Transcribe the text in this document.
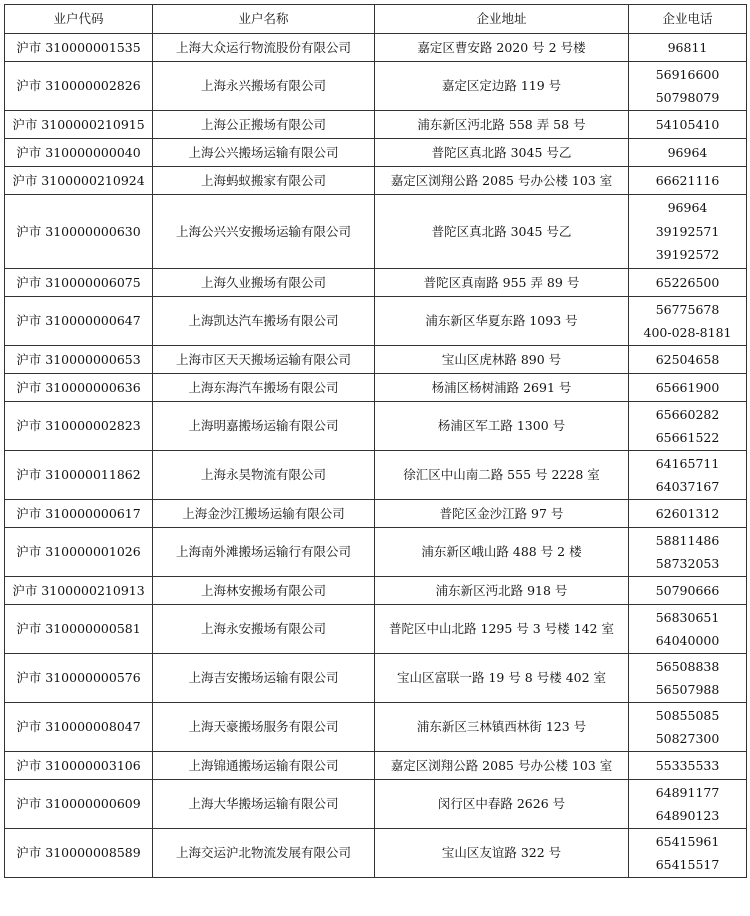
业户代码	业户名称	企业地址	企业电话
沪市 310000001535	上海大众运行物流股份有限公司	嘉定区曹安路 2020 号 2 号楼	96811

沪市 310000002826	上海永兴搬场有限公司	嘉定区定边路 119 号	56916600
50798079

沪市 3100000210915	上海公正搬场有限公司	浦东新区沔北路 558 弄 58 号	54105410

沪市 310000000040	上海公兴搬场运输有限公司	普陀区真北路 3045 号乙	96964

沪市 3100000210924	上海蚂蚁搬家有限公司	嘉定区浏翔公路 2085 号办公楼 103 室	66621116

沪市 310000000630	上海公兴兴安搬场运输有限公司	普陀区真北路 3045 号乙	96964
39192571
39192572

沪市 310000006075	上海久业搬场有限公司	普陀区真南路 955 弄 89 号	65226500

沪市 310000000647	上海凯达汽车搬场有限公司	浦东新区华夏东路 1093 号	56775678
400-028-8181

沪市 310000000653	上海市区天天搬场运输有限公司	宝山区虎林路 890 号	62504658

沪市 310000000636	上海东海汽车搬场有限公司	杨浦区杨树浦路 2691 号	65661900

沪市 310000002823	上海明嘉搬场运输有限公司	杨浦区军工路 1300 号	65660282
65661522

沪市 310000011862	上海永昊物流有限公司	徐汇区中山南二路 555 号 2228 室	64165711
64037167

沪市 310000000617	上海金沙江搬场运输有限公司	普陀区金沙江路 97 号	62601312

沪市 310000001026	上海南外滩搬场运输行有限公司	浦东新区峨山路 488 号 2 楼	58811486
58732053

沪市 3100000210913	上海林安搬场有限公司	浦东新区沔北路 918 号	50790666

沪市 310000000581	上海永安搬场有限公司	普陀区中山北路 1295 号 3 号楼 142 室	56830651
64040000

沪市 310000000576	上海吉安搬场运输有限公司	宝山区富联一路 19 号 8 号楼 402 室	56508838
56507988

沪市 310000008047	上海天豪搬场服务有限公司	浦东新区三林镇西林街 123 号	50855085
50827300

沪市 310000003106	上海锦通搬场运输有限公司	嘉定区浏翔公路 2085 号办公楼 103 室	55335533

沪市 310000000609	上海大华搬场运输有限公司	闵行区中春路 2626 号	64891177
64890123

沪市 310000008589	上海交运沪北物流发展有限公司	宝山区友谊路 322 号	65415961
65415517
